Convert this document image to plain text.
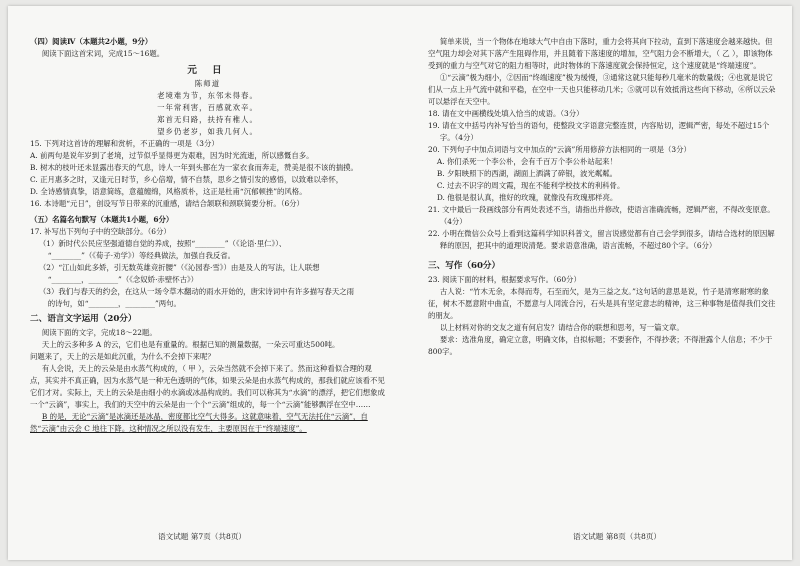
（四）阅读Ⅳ（本题共2小题，9分）

阅读下面这首宋词，完成15～16题。

元 日
陈师道
老境难为节，东邻未得春。
一年常利害，百感就欢辛。
郑首无归路，扶持有稚人。
望乡仍老岁，如我几何人。

15. 下列对这首诗的理解和赏析，不正确的一项是（3分）

A. 前两句是说年岁到了老境，过节似乎显得更为艰难，因为时光流逝，所以感慨自多。

B. 树木的枝叶还未显露出春天的气息，诗人一年到头都在为一家衣食而奔走，赞美是很不该的揣摸。

C. 正月惠多之时，又逢元日时节，乡心倍增，情不自禁，思乡之情引发的感悟，以致难以牵怀，

D. 全诗感情真挚，语意简练，意蕴缠绵，风格质朴，这正是杜甫“沉郁顿挫”的风格。

16. 本诗题“元日”，创设写节日带来的沉重感，请结合颔联和颈联简要分析。（6分）

（五）名篇名句默写（本题共1小题，6分）

17. 补写出下列句子中的空缺部分。（6分）

（1）新时代公民应坚强道德自觉的养成，按照“________”（《论语·里仁》）、

“________”（《荀子·劝学》）等经典做法，加强自我反省。

（2）“江山如此多娇，引无数英雄竞折腰”（《沁园春·雪》）由是及人的写法，让人联想

“________，________”（《念奴娇·赤壁怀古》）

（3）我们与春天的约会，在这从一场令草木翻动的雨水开始的，唐宋诗词中有许多描写春天之雨

的诗句，如“________，________”两句。

二、语言文字运用（20分）

阅读下面的文字，完成18～22题。

天上的云多种多 A 的云，它们也是有重量的。根据已知的测量数据，一朵云可重达500吨。

问题来了，天上的云是如此沉重，为什么不会掉下来呢？

有人会说，天上的云朵是由水蒸气构成的，（ 甲 ），云朵当然就不会掉下来了。然而这种看似合理的观点，其实并不真正确，因为水蒸气是一种无色透明的气体，如果云朵是由水蒸气构成的，那我们就应该看不见它们才对。实际上，天上的云朵是由细小的水滴或冰晶构成的。我们可以称其为“水滴”的漂浮，把它们想象成一个“云滴”，事实上，我们的天空中的云朵是由一个个“云滴”组成的，每一个“云滴”能够飘浮在空中……

B 的是，无论“云滴”是冰滴还是冰晶，密度都比空气大得多。这就意味着，空气无法托住“云滴”，自然“云滴”由云会 C 地往下降。这种情况之所以没有发生，主要原因在于“终端速度”。

简单来说，当一个物体在地球大气中自由下落时，重力会将其向下拉动，直到下落速度会越来越快。但空气阻力却会对其下落产生阻碍作用，并且随着下落速度的增加，空气阻力会不断增大，（ 乙 ），即该物体受到的重力与空气对它的阻力相等时，此时物体的下落速度就会保持恒定，这个速度就是“终端速度”。

①“云滴”极为细小，②因而“终端速度”极为缓慢，③通常这就只能每秒几毫米的数量级；④也就是说它们从一点上升气流中就和平稳，在空中一天也只能移动几米；⑤就可以有效抵消这些向下移动，⑥所以云朵可以悬浮在天空中。

18. 请在文中画横线处填入恰当的成语。（3分）

19. 请在文中括号内补写恰当的语句，使整段文字语意完整连贯，内容贴切，逻辑严密，每处不超过15个字。（4分）

20. 下列句子中加点词语与文中加点的“云滴”所用修辞方法相同的一项是（3分）

A. 你们杀死一个李公朴，会有千百万个李公朴站起来！

B. 夕阳映照下的西湖，湖面上洒满了碎银，波光粼粼。

C. 过去不识字的周文霞，现在不能利学校技术的利科骨。

D. 他很是很认真，推好的玫瑰，就像没有玫瑰那样亮。

21. 文中最后一段画线部分有两处表述不当，请指出并修改，使语言准确流畅，逻辑严密，不得改变原意。（4分）

22. 小明在微信公众号上看到这篇科学知识科普文，留言说感觉都有自己会学到很多，请结合选材的原因解释的原因，把其中的道理说清楚。要求语意准确，语言流畅，不超过80个字。（6分）

三、写作（60分）

23. 阅读下面的材料，根据要求写作。（60分）

古人说：“竹木无余，本得而寿，石至而欠，是为三益之友。”这句话的意思是说，竹子是清寒耐寒的象征，树木不愿意附中曲直，不愿意与人同流合污，石头是具有坚定意志的精神，这三种事物是值得我们交往的朋友。

以上材料对你的交友之道有何启发？请结合你的联想和思考，写一篇文章。

要求：选准角度，确定立意，明确文体，自拟标题；不要套作，不得抄袭；不得泄露个人信息；不少于800字。

语文试题 第7页（共8页）	语文试题 第8页（共8页）
